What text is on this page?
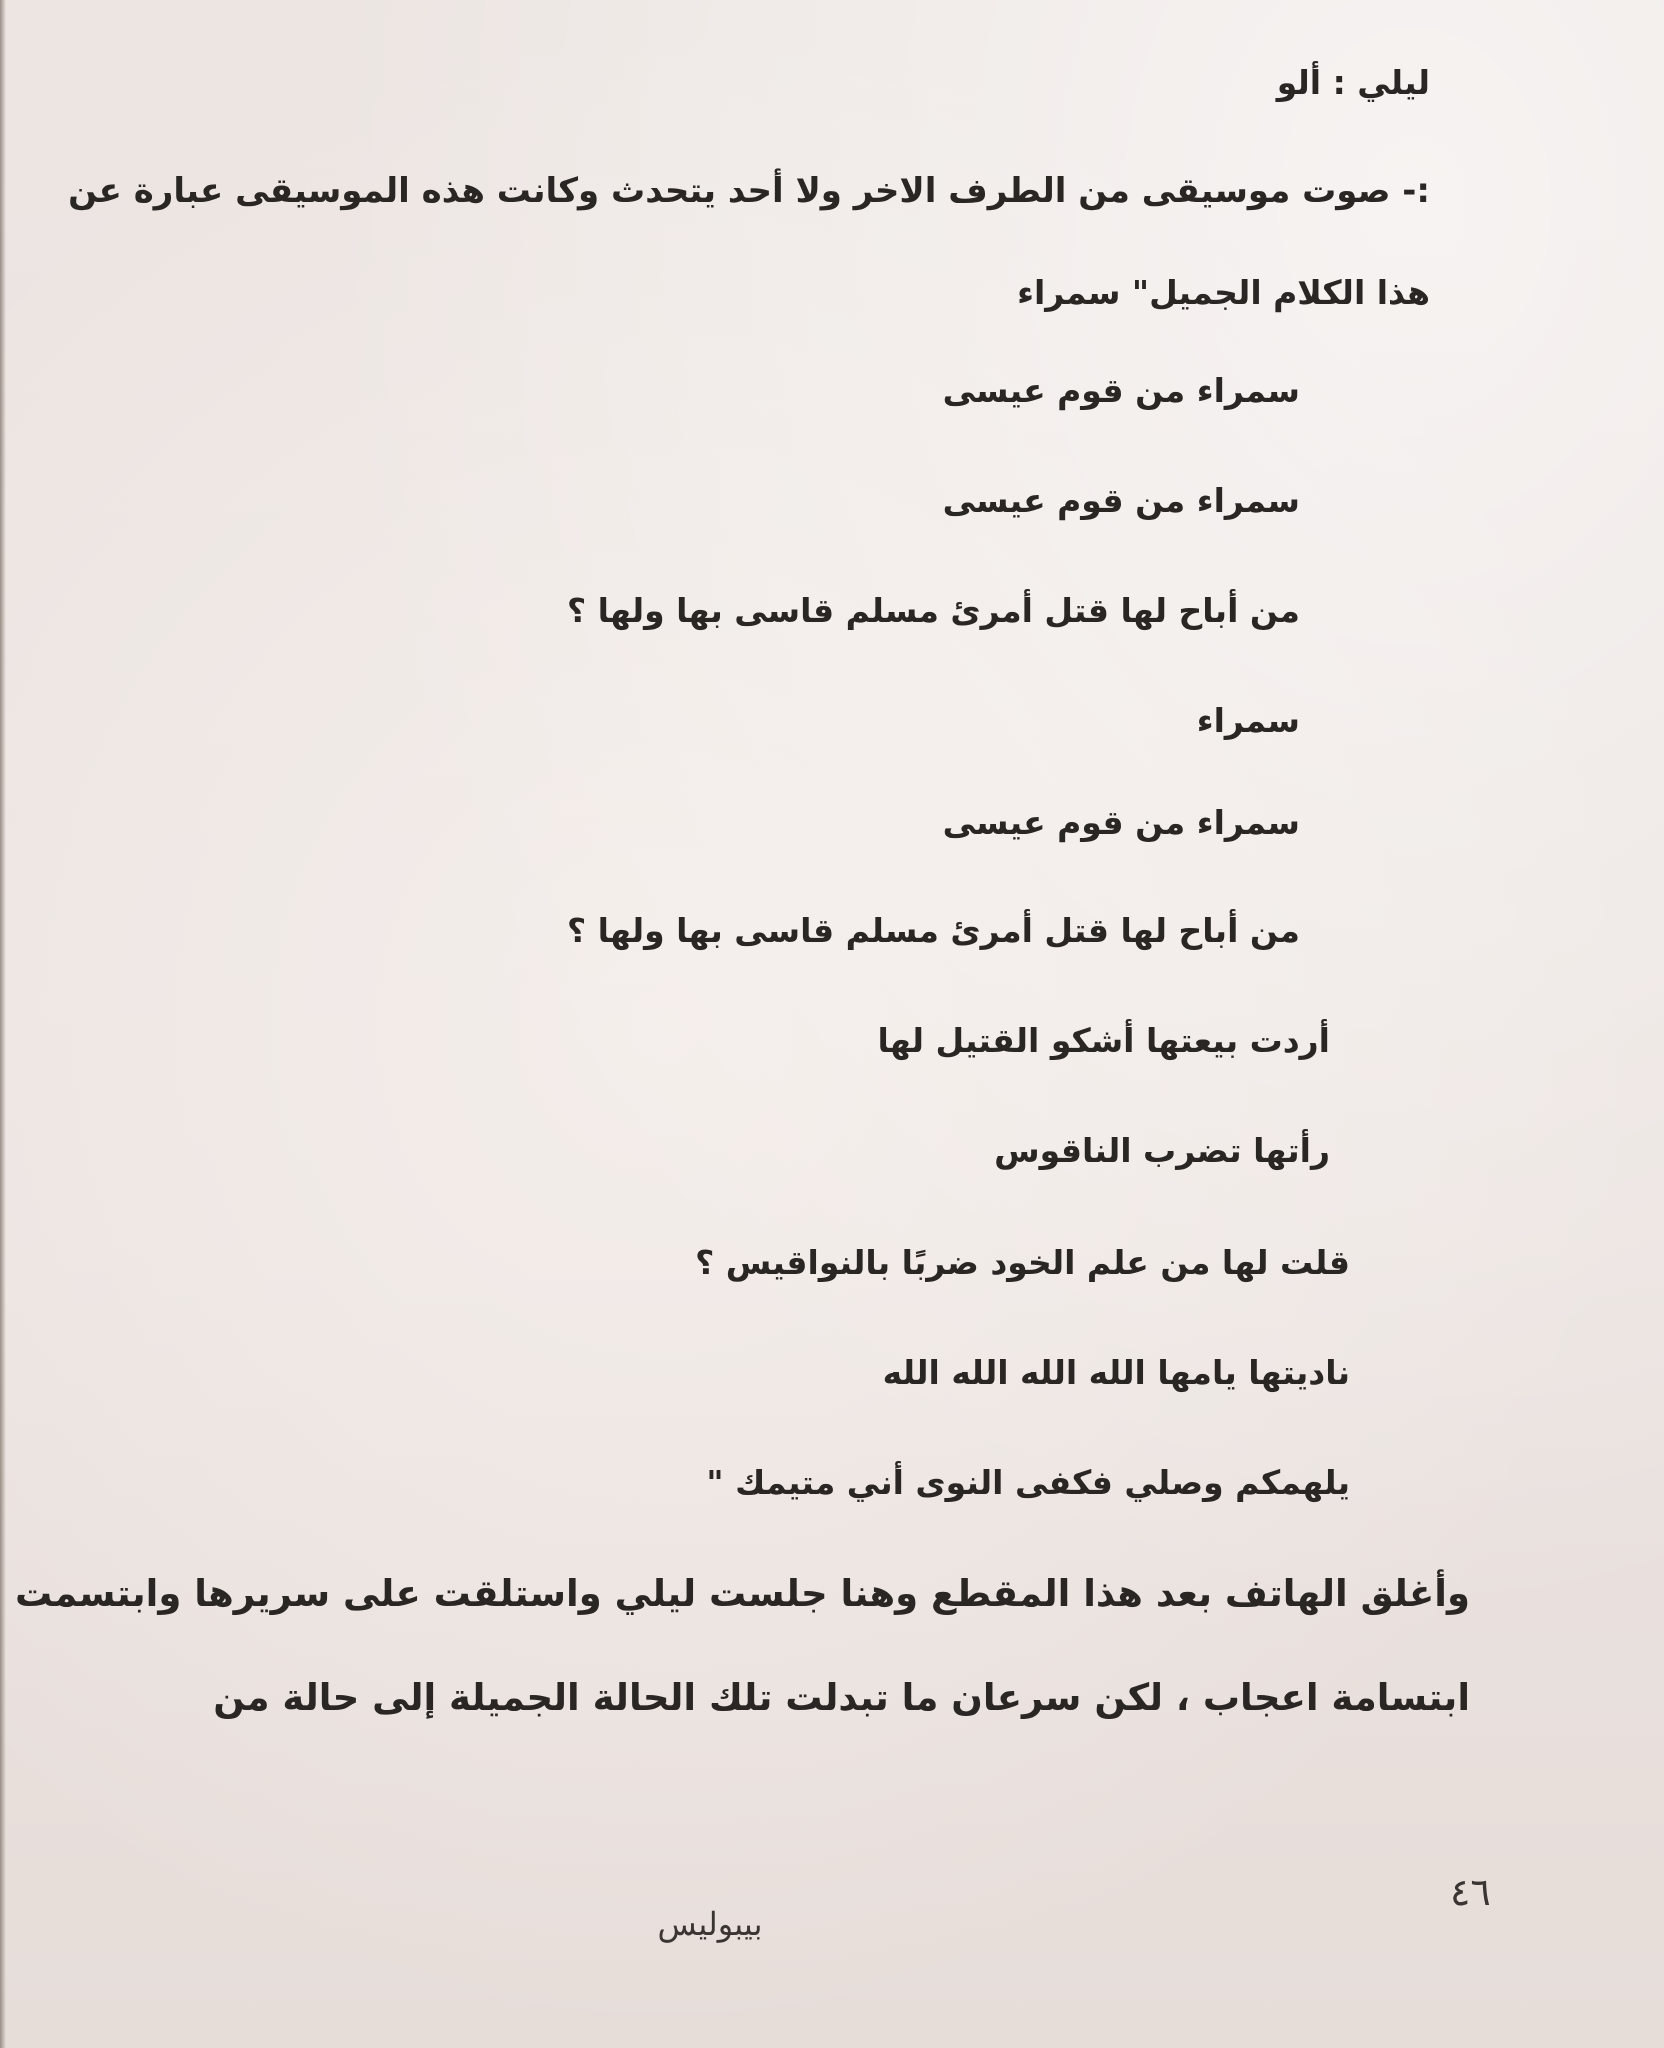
ليلي : ألو
:- صوت موسيقى من الطرف الاخر ولا أحد يتحدث وكانت هذه الموسيقى عبارة عن
هذا الكلام الجميل" سمراء
سمراء من قوم عيسى
سمراء من قوم عيسى
من أباح لها قتل أمرئ مسلم قاسى بها ولها ؟
سمراء
سمراء من قوم عيسى
من أباح لها قتل أمرئ مسلم قاسى بها ولها ؟
أردت بيعتها أشكو القتيل لها
رأتها تضرب الناقوس
قلت لها من علم الخود ضربًا بالنواقيس ؟
ناديتها يامها الله الله الله الله
يلهمكم وصلي فكفى النوى أني متيمك "
وأغلق الهاتف بعد هذا المقطع وهنا جلست ليلي واستلقت على سريرها وابتسمت
ابتسامة اعجاب ، لكن سرعان ما تبدلت تلك الحالة الجميلة إلى حالة من
٤٦
بيبوليس
